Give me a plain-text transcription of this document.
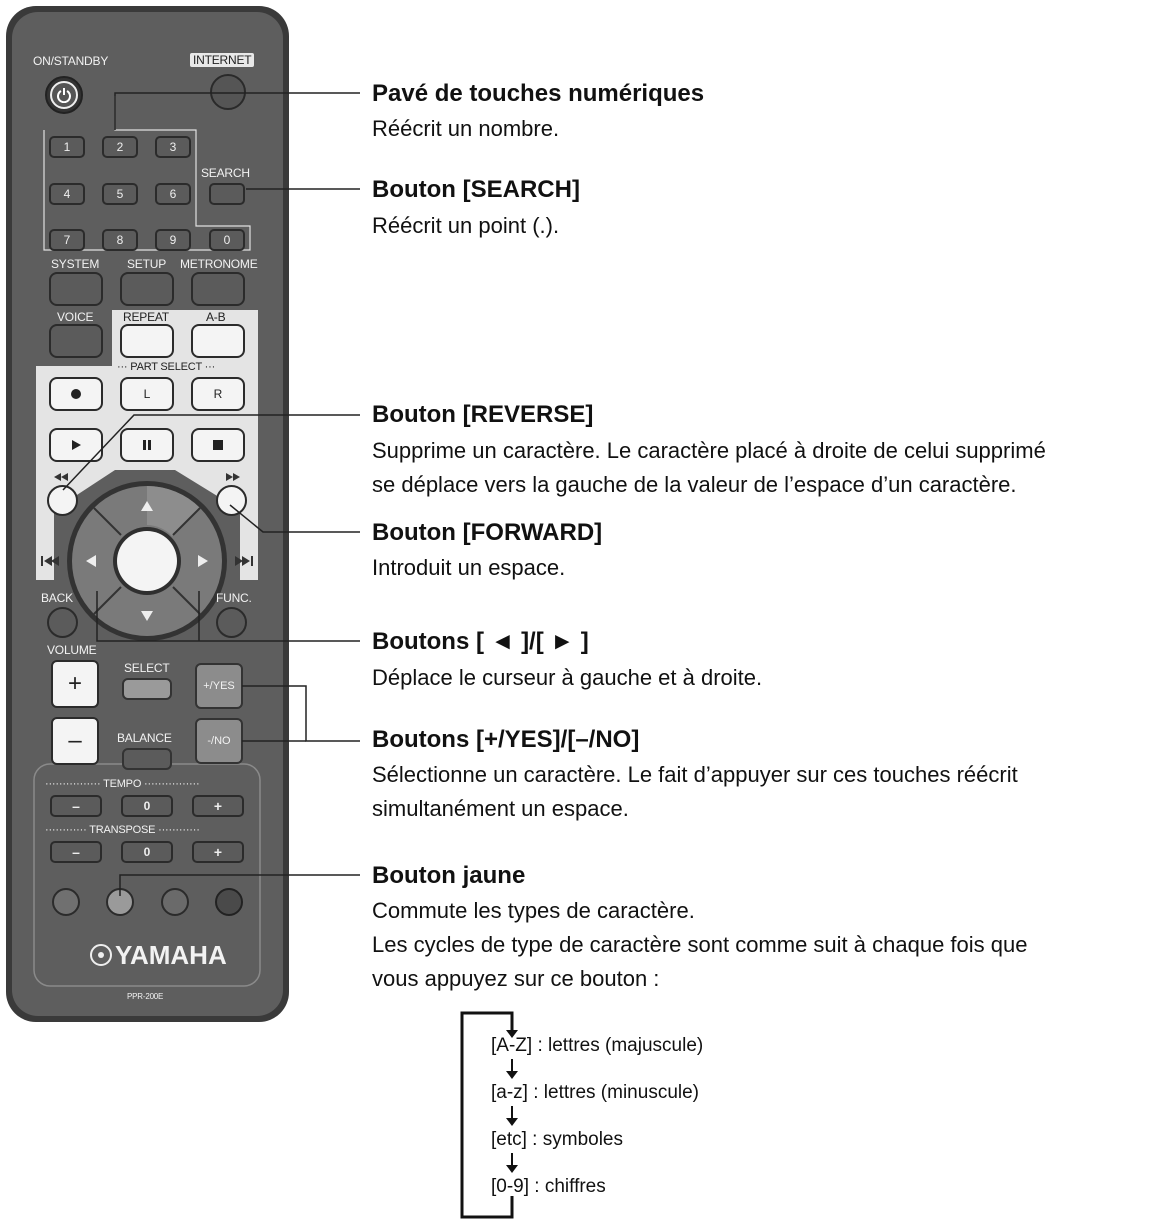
ON/STANDBY	INTERNET
1	2	3
4	5	6
7	8	9	0
SEARCH
SYSTEM SETUP METRONOME
VOICE REPEAT	A-B
··· PART SELECT ···
L	R
BACK	FUNC.
VOLUME
+
–
SELECT
BALANCE
+/YES
-/NO
················ TEMPO ················
–	0	+
············ TRANSPOSE ············
–	0	+
YAMAHA
PPR-200E
Pavé de touches numériques
Réécrit un nombre.
Bouton [SEARCH]
Réécrit un point (.).
Bouton [REVERSE]
Supprime un caractère. Le caractère placé à droite de celui supprimé
se déplace vers la gauche de la valeur de l’espace d’un caractère.
Bouton [FORWARD]
Introduit un espace.
Boutons [ ◄ ]/[ ► ]
Déplace le curseur à gauche et à droite.
Boutons [+/YES]/[–/NO]
Sélectionne un caractère. Le fait d’appuyer sur ces touches réécrit
simultanément un espace.
Bouton jaune
Commute les types de caractère.
Les cycles de type de caractère sont comme suit à chaque fois que
vous appuyez sur ce bouton :
[A-Z] : lettres (majuscule)
[a-z] : lettres (minuscule)
[etc] : symboles
[0-9] : chiffres
